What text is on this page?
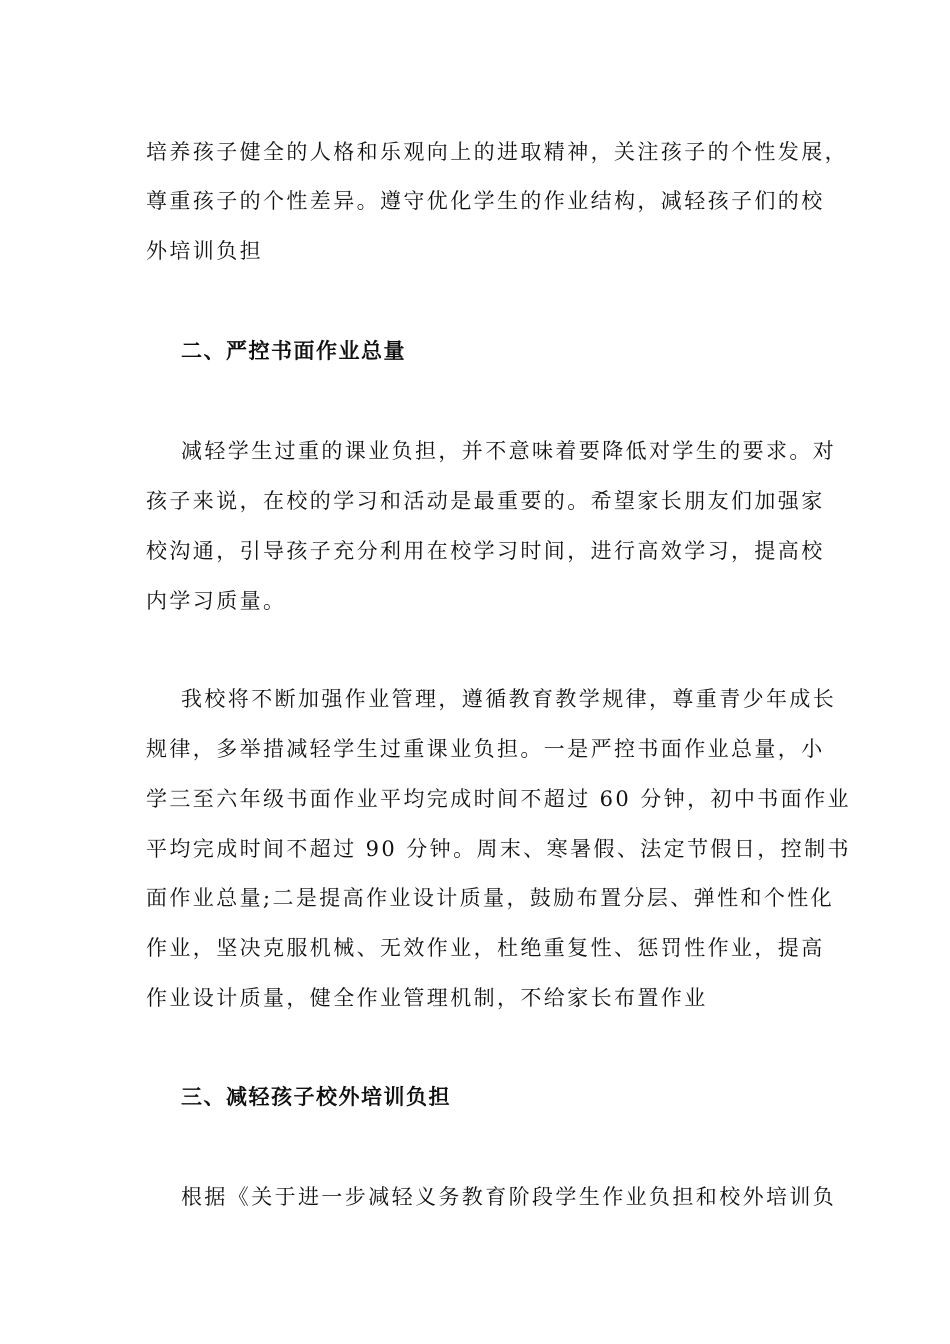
培养孩子健全的人格和乐观向上的进取精神，关注孩子的个性发展，
尊重孩子的个性差异。遵守优化学生的作业结构，减轻孩子们的校
外培训负担
二、严控书面作业总量
减轻学生过重的课业负担，并不意味着要降低对学生的要求。对
孩子来说，在校的学习和活动是最重要的。希望家长朋友们加强家
校沟通，引导孩子充分利用在校学习时间，进行高效学习，提高校
内学习质量。
我校将不断加强作业管理，遵循教育教学规律，尊重青少年成长
规律，多举措减轻学生过重课业负担。一是严控书面作业总量，小
学三至六年级书面作业平均完成时间不超过 60 分钟，初中书面作业
平均完成时间不超过 90 分钟。周末、寒暑假、法定节假日，控制书
面作业总量;二是提高作业设计质量，鼓励布置分层、弹性和个性化
作业，坚决克服机械、无效作业，杜绝重复性、惩罚性作业，提高
作业设计质量，健全作业管理机制，不给家长布置作业
三、减轻孩子校外培训负担
根据《关于进一步减轻义务教育阶段学生作业负担和校外培训负
